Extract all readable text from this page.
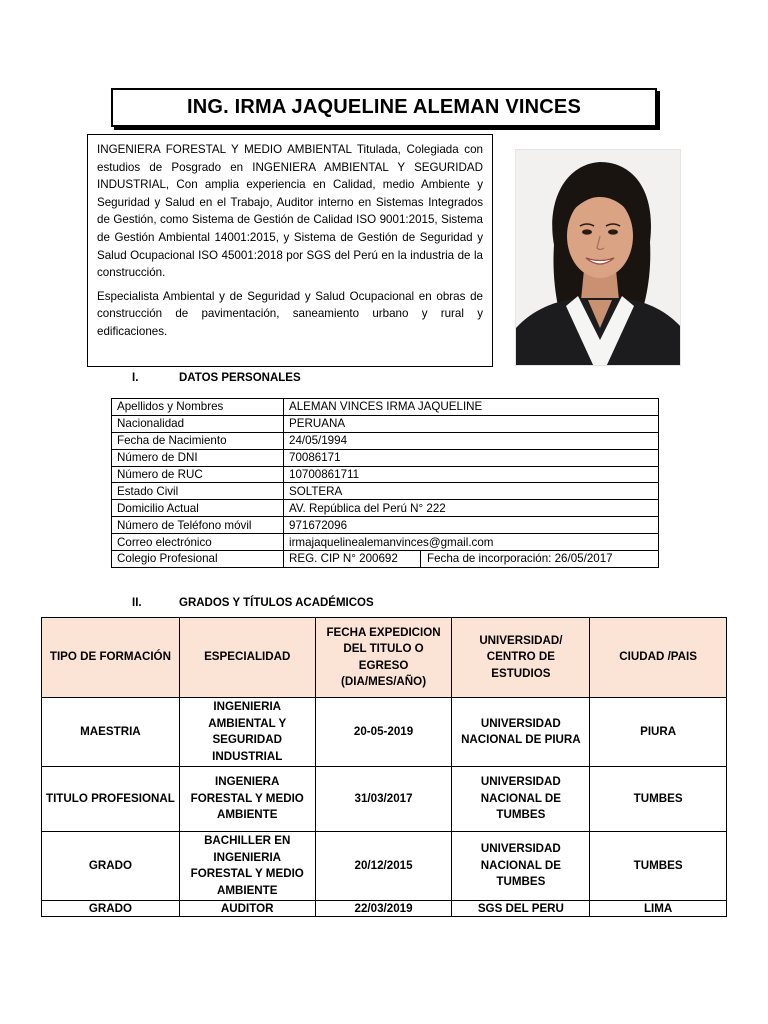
ING. IRMA JAQUELINE ALEMAN VINCES

INGENIERA FORESTAL Y MEDIO AMBIENTAL Titulada, Colegiada con estudios de Posgrado en INGENIERA AMBIENTAL Y SEGURIDAD INDUSTRIAL, Con amplia experiencia en Calidad, medio Ambiente y Seguridad y Salud en el Trabajo, Auditor interno en Sistemas Integrados de Gestión, como Sistema de Gestión de Calidad ISO 9001:2015, Sistema de Gestión Ambiental 14001:2015, y Sistema de Gestión de Seguridad y Salud Ocupacional ISO 45001:2018 por SGS del Perú en la industria de la construcción.

Especialista Ambiental y de Seguridad y Salud Ocupacional en obras de construcción de pavimentación, saneamiento urbano y rural y edificaciones.

I.	DATOS PERSONALES
Apellidos y Nombres	ALEMAN VINCES IRMA JAQUELINE
Nacionalidad	PERUANA
Fecha de Nacimiento	24/05/1994
Número de DNI	70086171
Número de RUC	10700861711
Estado Civil	SOLTERA
Domicilio Actual	AV. República del Perú N° 222
Número de Teléfono móvil	971672096
Correo electrónico	irmajaquelinealemanvinces@gmail.com
Colegio Profesional	REG. CIP N° 200692 Fecha de incorporación: 26/05/2017
II.	GRADOS Y TÍTULOS ACADÉMICOS
TIPO DE FORMACIÓN	ESPECIALIDAD	FECHA EXPEDICION DEL TITULO O EGRESO (DIA/MES/AÑO)	UNIVERSIDAD/ CENTRO DE ESTUDIOS	CIUDAD /PAIS
MAESTRIA	INGENIERIA AMBIENTAL Y SEGURIDAD INDUSTRIAL	20-05-2019	UNIVERSIDAD NACIONAL DE PIURA	PIURA
TITULO PROFESIONAL	INGENIERA FORESTAL Y MEDIO AMBIENTE	31/03/2017	UNIVERSIDAD NACIONAL DE TUMBES	TUMBES
GRADO	BACHILLER EN INGENIERIA FORESTAL Y MEDIO AMBIENTE	20/12/2015	UNIVERSIDAD NACIONAL DE TUMBES	TUMBES
GRADO	AUDITOR	22/03/2019	SGS DEL PERU	LIMA
